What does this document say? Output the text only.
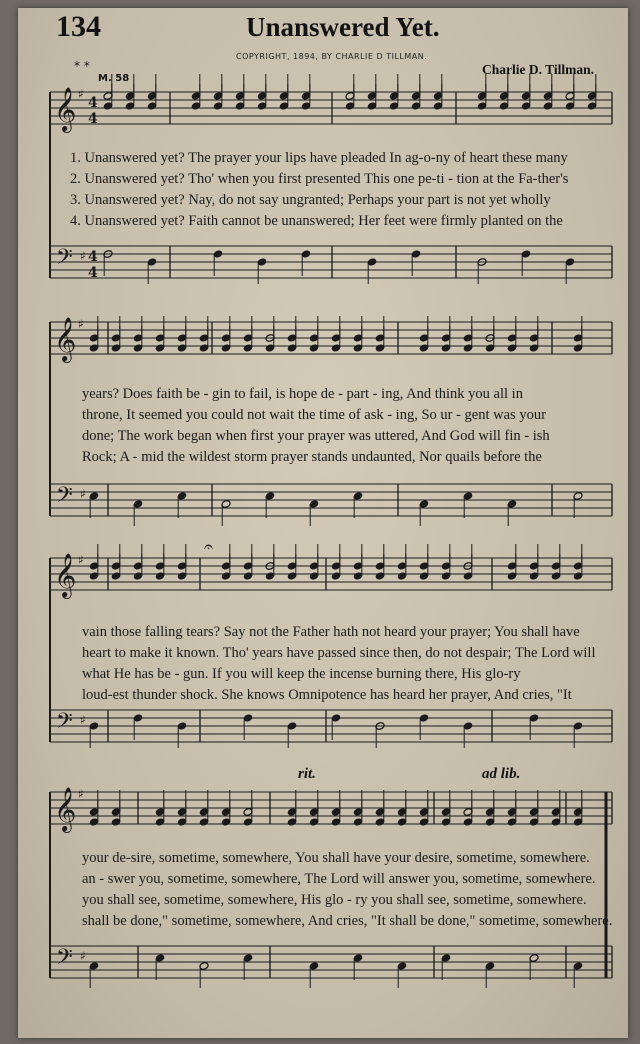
134	Unanswered Yet.
COPYRIGHT, 1894, BY CHARLIE D TILLMAN.
Charlie D. Tillman.
M. 58
rit.	ad lib.
1. Unanswered yet? The prayer your lips have pleaded In ag-o-ny of heart these many
2. Unanswered yet? Tho' when you first presented This one pe-ti - tion at the Fa-ther's
3. Unanswered yet? Nay, do not say ungranted; Perhaps your part is not yet wholly
4. Unanswered yet? Faith cannot be unanswered; Her feet were firmly planted on the
years? Does faith be - gin to fail, is hope de - part - ing, And think you all in
throne, It seemed you could not wait the time of ask - ing, So ur - gent was your
done; The work began when first your prayer was uttered, And God will fin - ish
Rock; A - mid the wildest storm prayer stands undaunted, Nor quails before the
vain those falling tears? Say not the Father hath not heard your prayer; You shall have
heart to make it known. Tho' years have passed since then, do not despair; The Lord will
what He has be - gun. If you will keep the incense burning there, His glo-ry
loud-est thunder shock. She knows Omnipotence has heard her prayer, And cries, "It
your de-sire, sometime, somewhere, You shall have your desire, sometime, somewhere.
an - swer you, sometime, somewhere, The Lord will answer you, sometime, somewhere.
you shall see, sometime, somewhere, His glo - ry you shall see, sometime, somewhere.
shall be done," sometime, somewhere, And cries, "It shall be done," sometime, somewhere.
𝄞
𝄢
♯
♯
4
4
4
4
𝄞
𝄢
♯
♯
𝄞
𝄢
♯
♯
𝄞
𝄢
♯
♯
𝄐
* *
